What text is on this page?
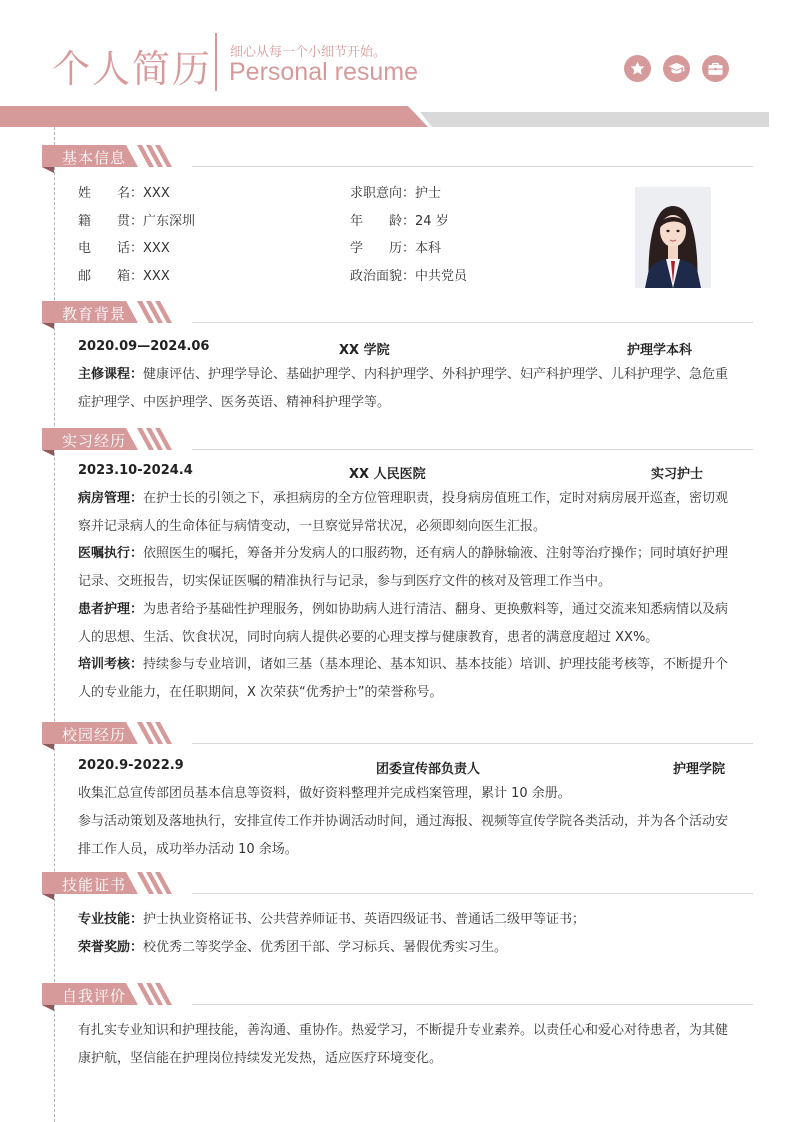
个人简历 细心从每一个小细节开始。
Personal resume
基本信息
姓　　名：XXX
籍　　贯：广东深圳
电　　话：XXX
邮　　箱：XXX
求职意向：护士
年　　龄：24 岁
学　　历：本科
政治面貌：中共党员
教育背景
2020.09—2024.06	XX 学院	护理学本科
主修课程：健康评估、护理学导论、基础护理学、内科护理学、外科护理学、妇产科护理学、儿科护理学、急危重症护理学、中医护理学、医务英语、精神科护理学等。
实习经历
2023.10-2024.4	XX 人民医院	实习护士
病房管理：在护士长的引领之下，承担病房的全方位管理职责，投身病房值班工作，定时对病房展开巡查，密切观察并记录病人的生命体征与病情变动，一旦察觉异常状况，必须即刻向医生汇报。
医嘱执行：依照医生的嘱托，筹备并分发病人的口服药物，还有病人的静脉输液、注射等治疗操作；同时填好护理记录、交班报告，切实保证医嘱的精准执行与记录，参与到医疗文件的核对及管理工作当中。
患者护理：为患者给予基础性护理服务，例如协助病人进行清洁、翻身、更换敷料等，通过交流来知悉病情以及病人的思想、生活、饮食状况，同时向病人提供必要的心理支撑与健康教育，患者的满意度超过 XX%。
培训考核：持续参与专业培训，诸如三基（基本理论、基本知识、基本技能）培训、护理技能考核等，不断提升个人的专业能力，在任职期间，X 次荣获“优秀护士”的荣誉称号。
校园经历
2020.9-2022.9	团委宣传部负责人	护理学院
收集汇总宣传部团员基本信息等资料，做好资料整理并完成档案管理，累计 10 余册。
参与活动策划及落地执行，安排宣传工作并协调活动时间，通过海报、视频等宣传学院各类活动，并为各个活动安排工作人员，成功举办活动 10 余场。
技能证书
专业技能：护士执业资格证书、公共营养师证书、英语四级证书、普通话二级甲等证书；
荣誉奖励：校优秀二等奖学金、优秀团干部、学习标兵、暑假优秀实习生。
自我评价
有扎实专业知识和护理技能，善沟通、重协作。热爱学习，不断提升专业素养。以责任心和爱心对待患者，为其健康护航，坚信能在护理岗位持续发光发热，适应医疗环境变化。
